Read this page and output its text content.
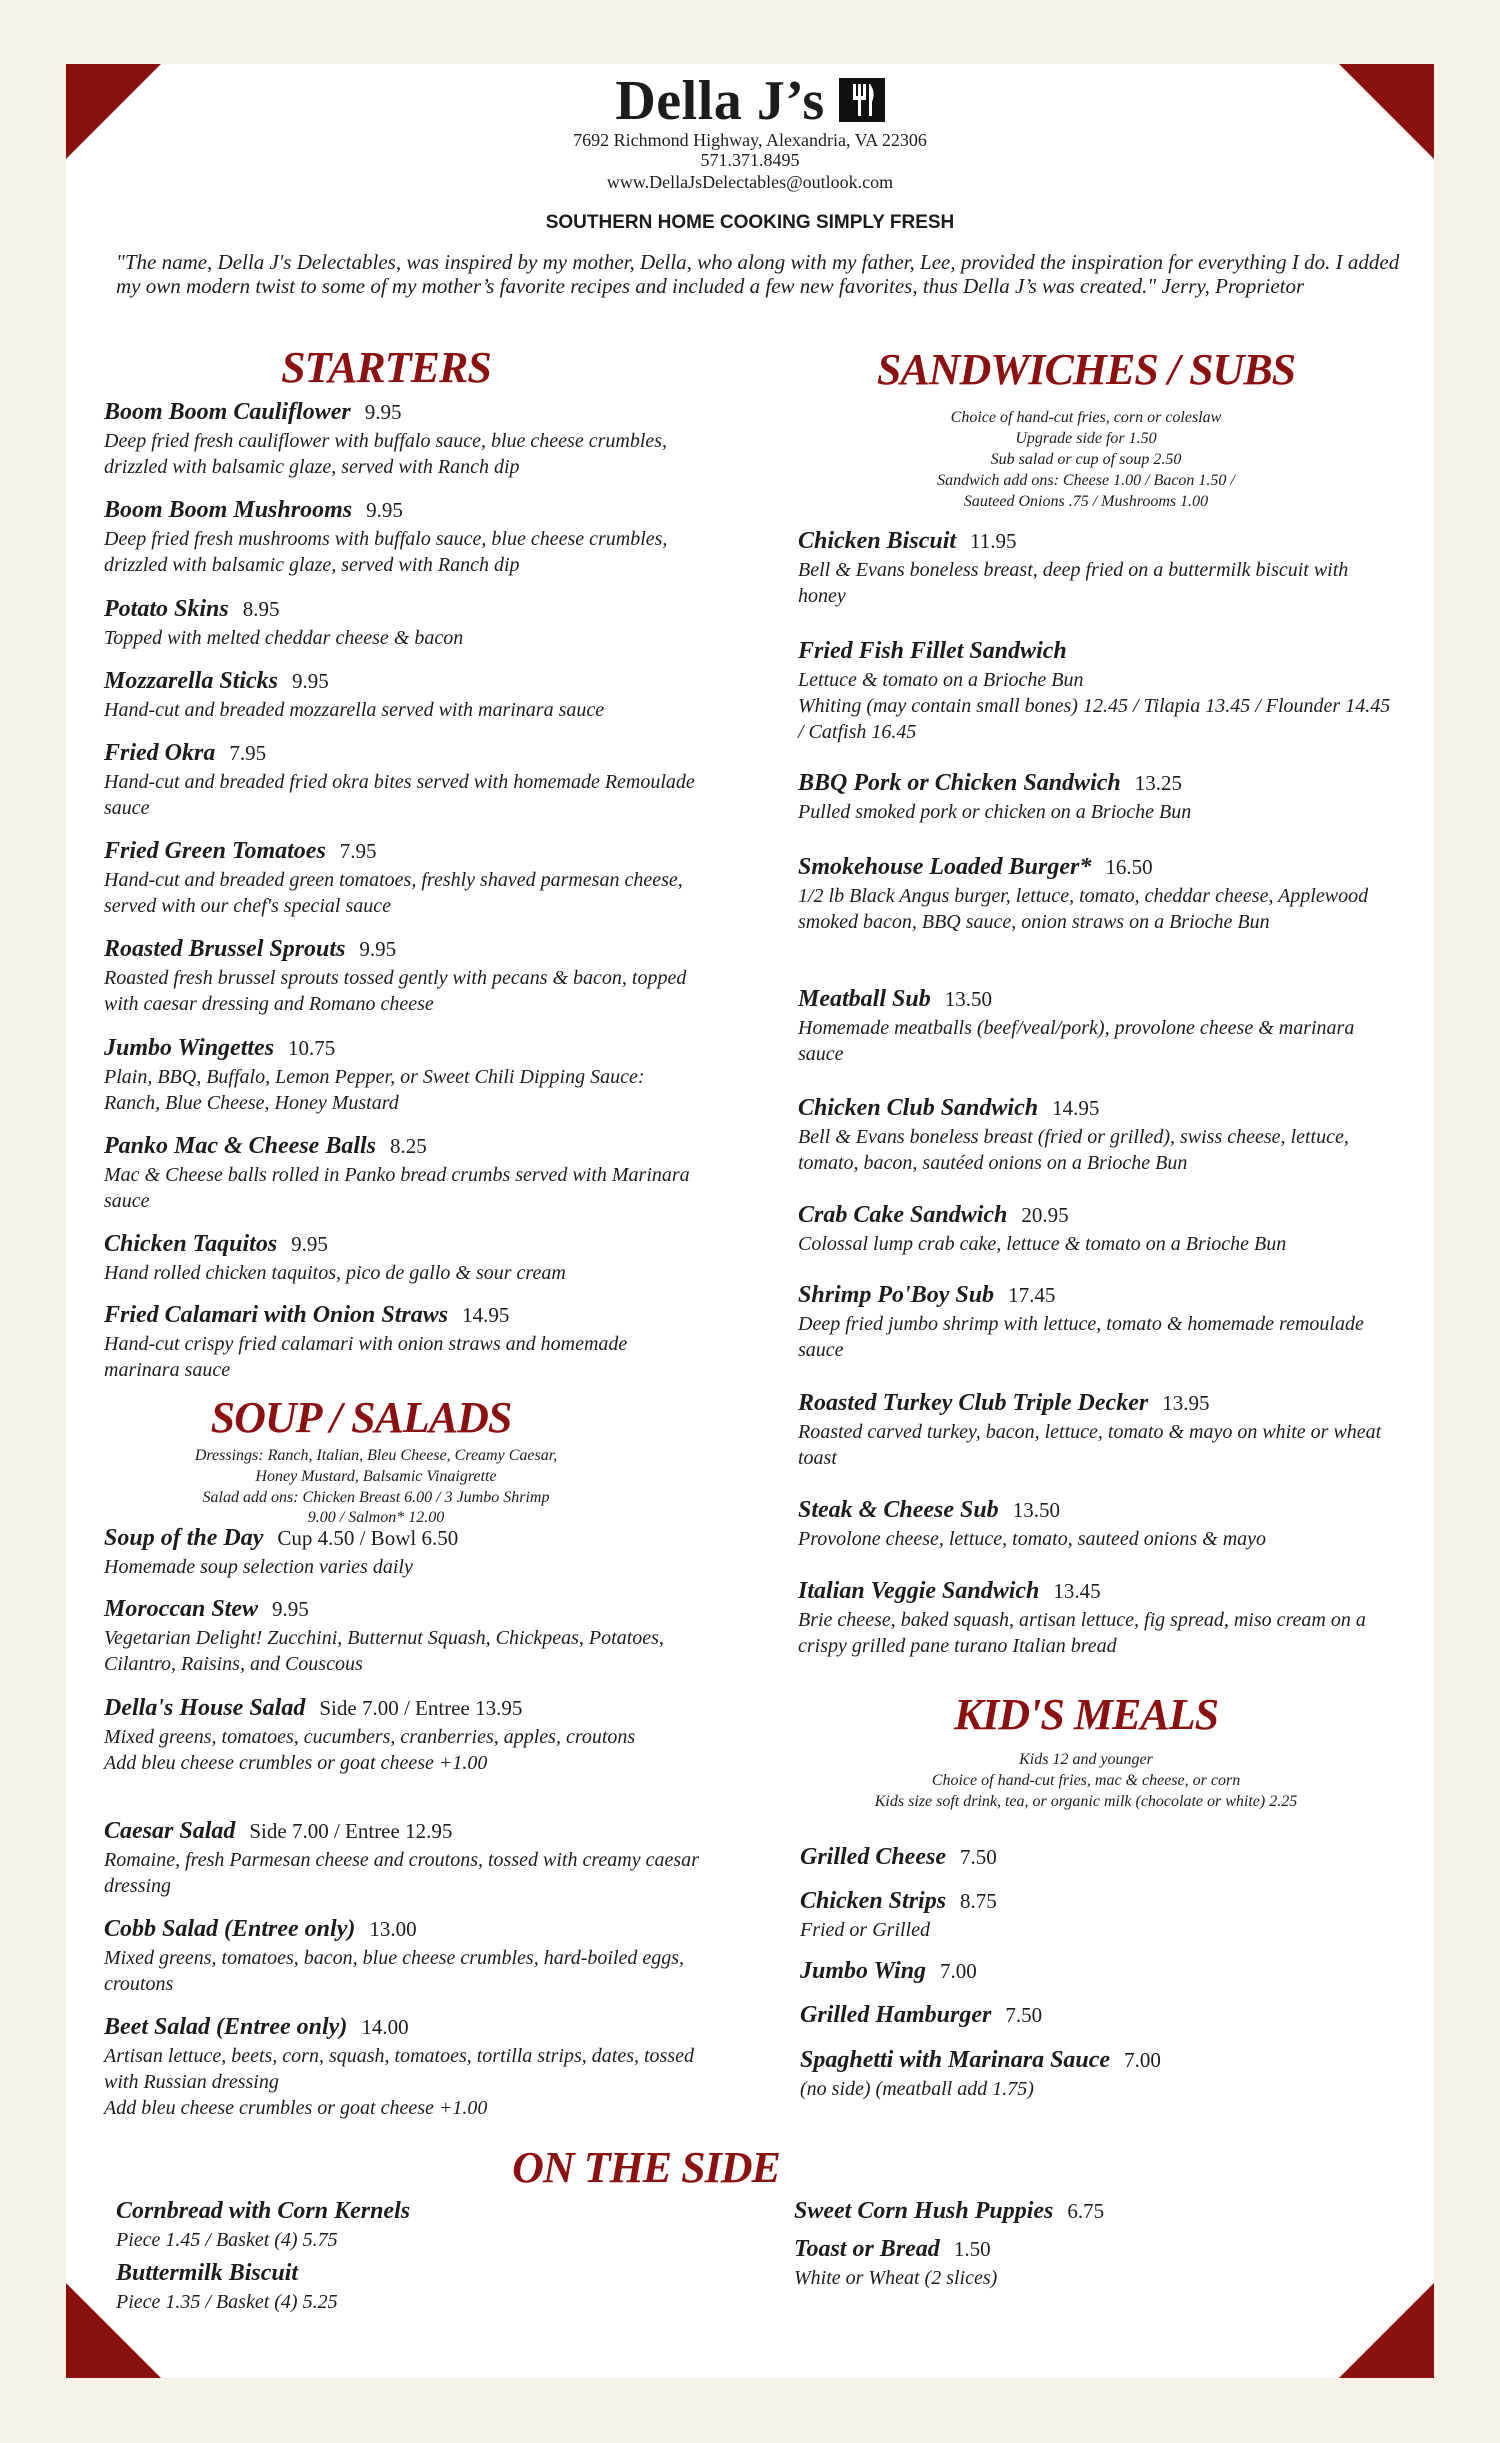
Della J’s
7692 Richmond Highway, Alexandria, VA 22306
571.371.8495
www.DellaJsDelectables@outlook.com
SOUTHERN HOME COOKING SIMPLY FRESH
"The name, Della J's Delectables, was inspired by my mother, Della, who along with my father, Lee, provided the inspiration for everything I do. I added my own modern twist to some of my mother’s favorite recipes and included a few new favorites, thus Della J’s was created." Jerry, Proprietor
STARTERS
Boom Boom Cauliflower 9.95
Deep fried fresh cauliflower with buffalo sauce, blue cheese crumbles, drizzled with balsamic glaze, served with Ranch dip
Boom Boom Mushrooms 9.95
Deep fried fresh mushrooms with buffalo sauce, blue cheese crumbles, drizzled with balsamic glaze, served with Ranch dip
Potato Skins 8.95
Topped with melted cheddar cheese & bacon
Mozzarella Sticks 9.95
Hand-cut and breaded mozzarella served with marinara sauce
Fried Okra 7.95
Hand-cut and breaded fried okra bites served with homemade Remoulade sauce
Fried Green Tomatoes 7.95
Hand-cut and breaded green tomatoes, freshly shaved parmesan cheese, served with our chef's special sauce
Roasted Brussel Sprouts 9.95
Roasted fresh brussel sprouts tossed gently with pecans & bacon, topped with caesar dressing and Romano cheese
Jumbo Wingettes 10.75
Plain, BBQ, Buffalo, Lemon Pepper, or Sweet Chili Dipping Sauce: Ranch, Blue Cheese, Honey Mustard
Panko Mac & Cheese Balls 8.25
Mac & Cheese balls rolled in Panko bread crumbs served with Marinara sauce
Chicken Taquitos 9.95
Hand rolled chicken taquitos, pico de gallo & sour cream
Fried Calamari with Onion Straws 14.95
Hand-cut crispy fried calamari with onion straws and homemade marinara sauce
SOUP / SALADS
Dressings: Ranch, Italian, Bleu Cheese, Creamy Caesar,
Honey Mustard, Balsamic Vinaigrette
Salad add ons: Chicken Breast 6.00 / 3 Jumbo Shrimp 9.00 / Salmon* 12.00
Soup of the Day Cup 4.50 / Bowl 6.50
Homemade soup selection varies daily
Moroccan Stew 9.95
Vegetarian Delight! Zucchini, Butternut Squash, Chickpeas, Potatoes, Cilantro, Raisins, and Couscous
Della's House Salad Side 7.00 / Entree 13.95
Mixed greens, tomatoes, cucumbers, cranberries, apples, croutons
Add bleu cheese crumbles or goat cheese +1.00
Caesar Salad Side 7.00 / Entree 12.95
Romaine, fresh Parmesan cheese and croutons, tossed with creamy caesar dressing
Cobb Salad (Entree only) 13.00
Mixed greens, tomatoes, bacon, blue cheese crumbles, hard-boiled eggs, croutons
Beet Salad (Entree only) 14.00
Artisan lettuce, beets, corn, squash, tomatoes, tortilla strips, dates, tossed with Russian dressing
Add bleu cheese crumbles or goat cheese +1.00
SANDWICHES / SUBS
Choice of hand-cut fries, corn or coleslaw
Upgrade side for 1.50
Sub salad or cup of soup 2.50
Sandwich add ons: Cheese 1.00 / Bacon 1.50 /
Sauteed Onions .75 / Mushrooms 1.00
Chicken Biscuit 11.95
Bell & Evans boneless breast, deep fried on a buttermilk biscuit with honey
Fried Fish Fillet Sandwich
Lettuce & tomato on a Brioche Bun
Whiting (may contain small bones) 12.45 / Tilapia 13.45 / Flounder 14.45 / Catfish 16.45
BBQ Pork or Chicken Sandwich 13.25
Pulled smoked pork or chicken on a Brioche Bun
Smokehouse Loaded Burger* 16.50
1/2 lb Black Angus burger, lettuce, tomato, cheddar cheese, Applewood smoked bacon, BBQ sauce, onion straws on a Brioche Bun
Meatball Sub 13.50
Homemade meatballs (beef/veal/pork), provolone cheese & marinara sauce
Chicken Club Sandwich 14.95
Bell & Evans boneless breast (fried or grilled), swiss cheese, lettuce, tomato, bacon, sautéed onions on a Brioche Bun
Crab Cake Sandwich 20.95
Colossal lump crab cake, lettuce & tomato on a Brioche Bun
Shrimp Po'Boy Sub 17.45
Deep fried jumbo shrimp with lettuce, tomato & homemade remoulade sauce
Roasted Turkey Club Triple Decker 13.95
Roasted carved turkey, bacon, lettuce, tomato & mayo on white or wheat toast
Steak & Cheese Sub 13.50
Provolone cheese, lettuce, tomato, sauteed onions & mayo
Italian Veggie Sandwich 13.45
Brie cheese, baked squash, artisan lettuce, fig spread, miso cream on a crispy grilled pane turano Italian bread
KID'S MEALS
Kids 12 and younger
Choice of hand-cut fries, mac & cheese, or corn
Kids size soft drink, tea, or organic milk (chocolate or white) 2.25
Grilled Cheese 7.50
Chicken Strips 8.75
Fried or Grilled
Jumbo Wing 7.00
Grilled Hamburger 7.50
Spaghetti with Marinara Sauce 7.00
(no side) (meatball add 1.75)
ON THE SIDE
Cornbread with Corn Kernels
Piece 1.45 / Basket (4) 5.75
Buttermilk Biscuit
Piece 1.35 / Basket (4) 5.25
Sweet Corn Hush Puppies 6.75
Toast or Bread 1.50
White or Wheat (2 slices)
